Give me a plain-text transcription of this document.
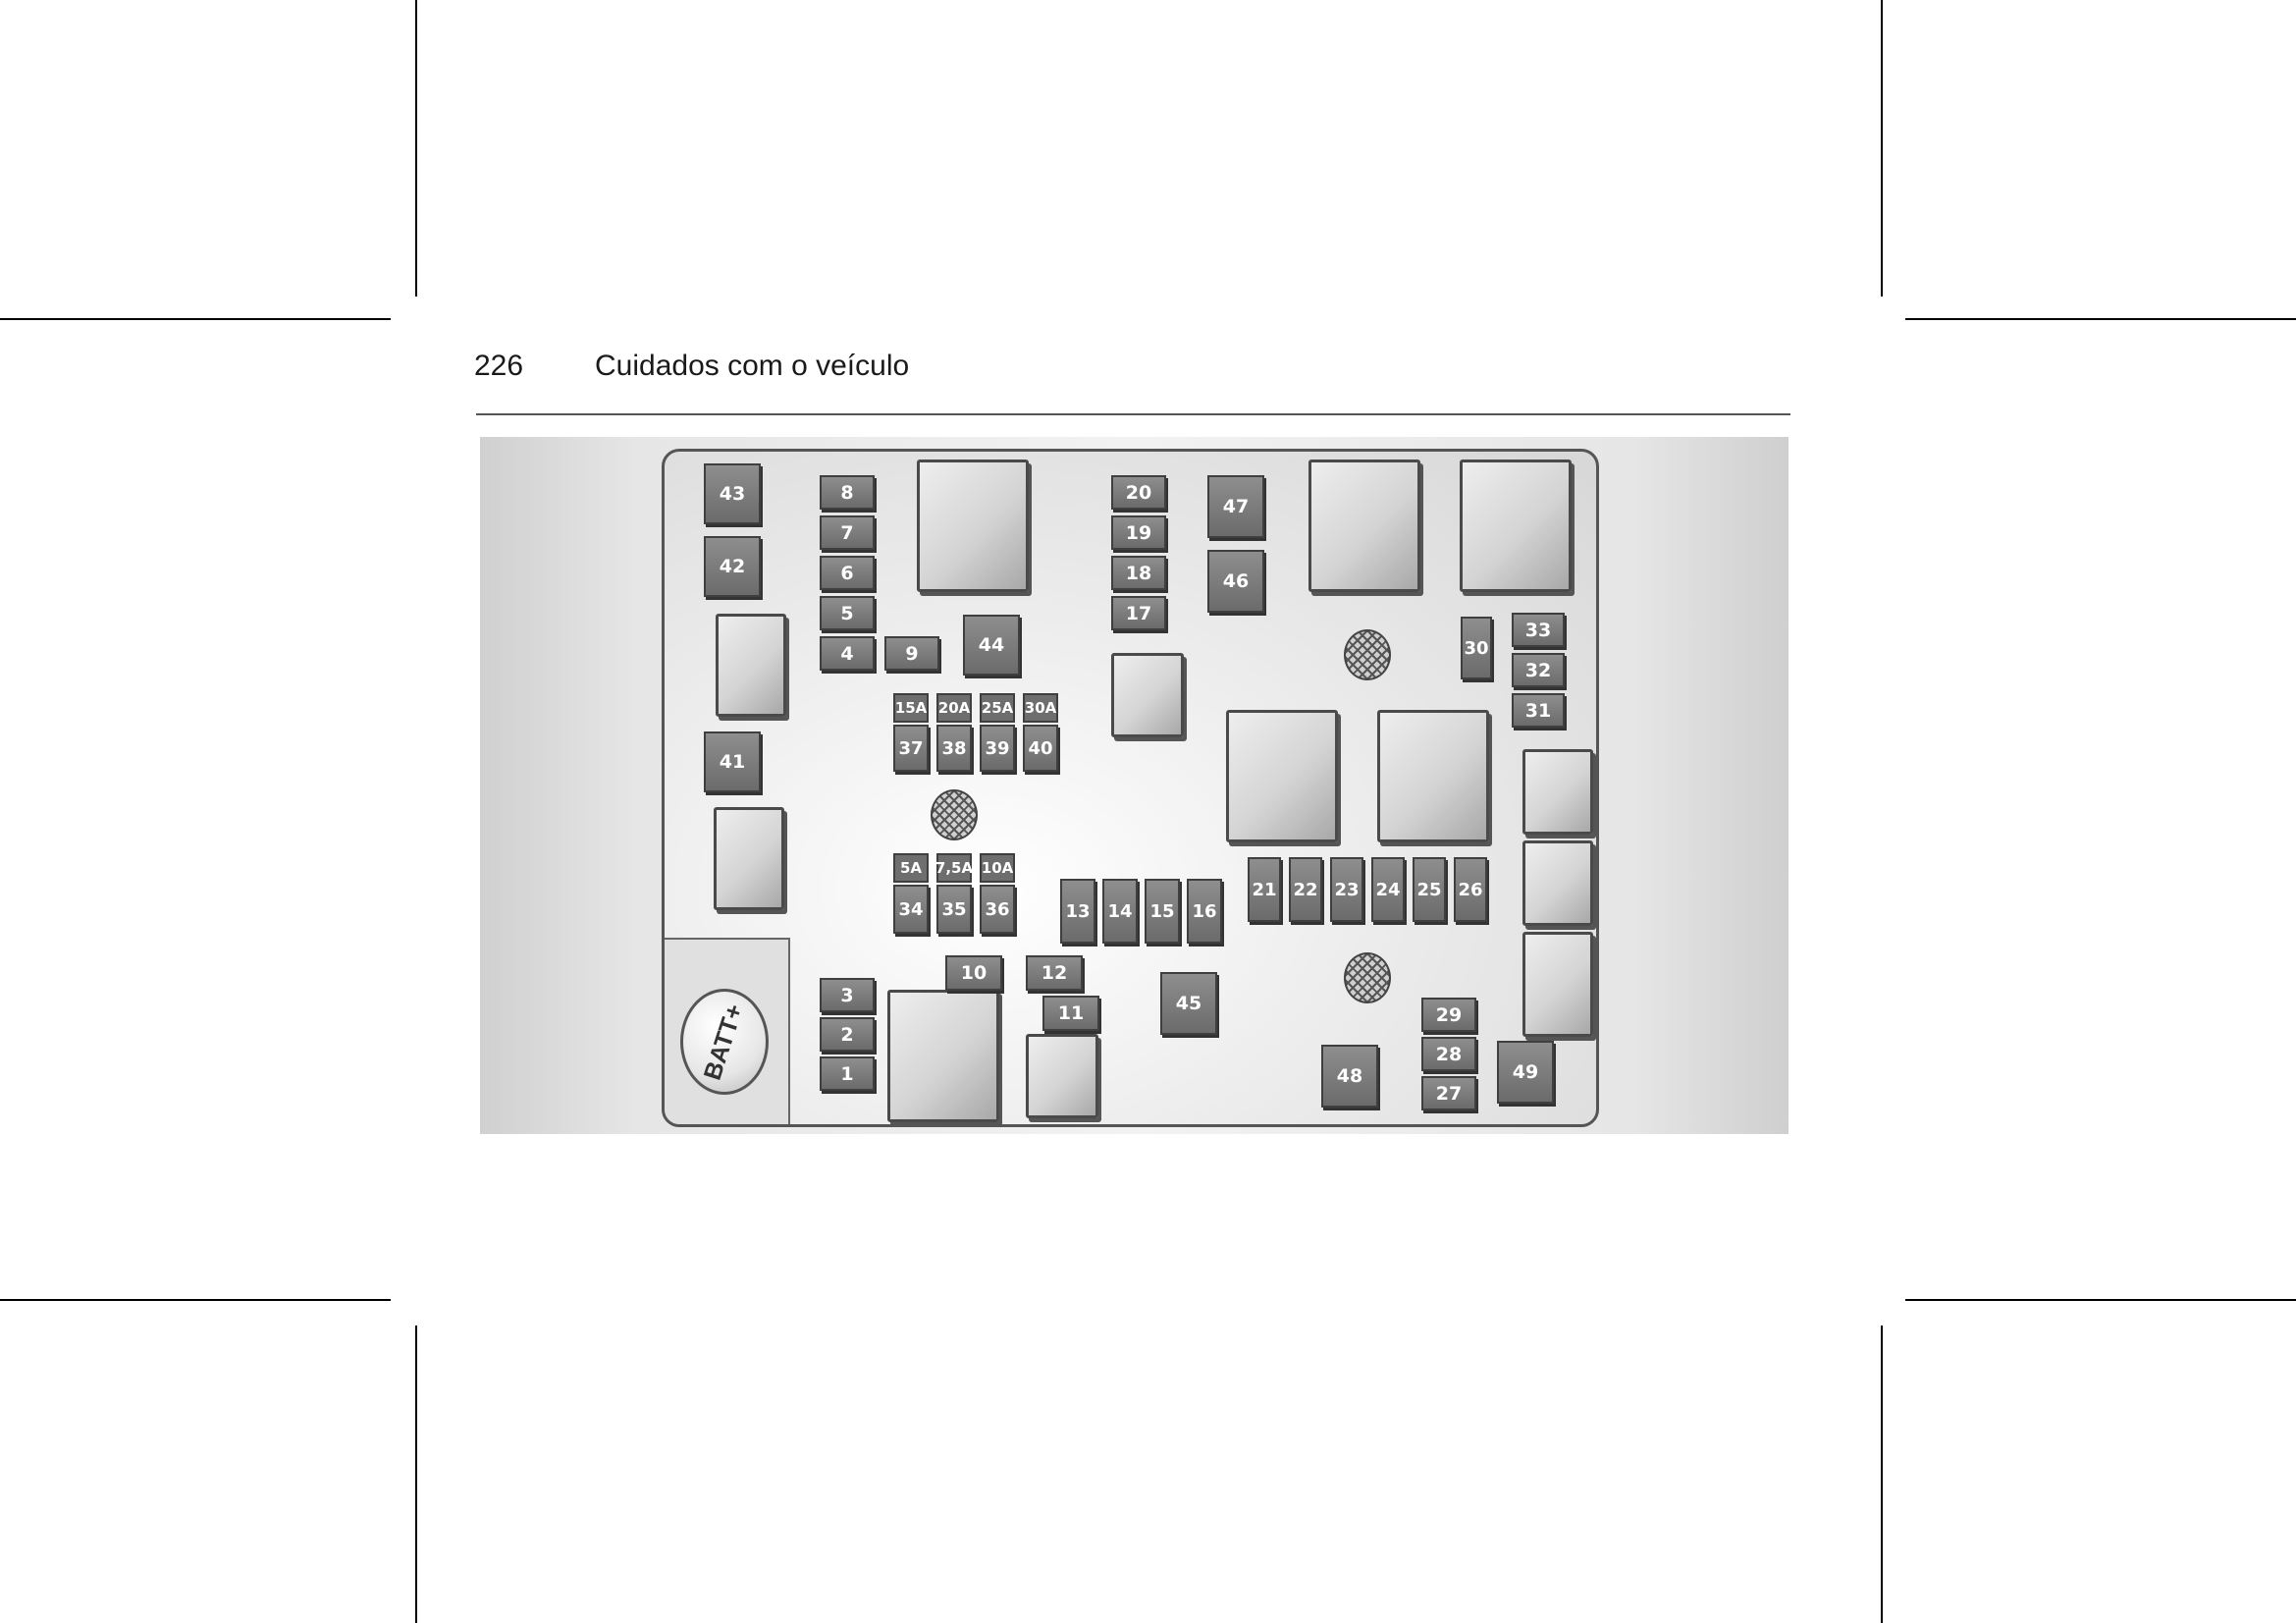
226 Cuidados com o veículo
BATT+
43
42
41
8
7
6
5
4	9	44
15A 20A 25A 30A
37	38	39	40
5A 7,5A 10A
34	35	36
3
2
1
10	12
11
13 14 15 16
45
20
19
18
17
47
46
30
33
32
31
21 22 23 24 25 26
48
29
28
27
49
